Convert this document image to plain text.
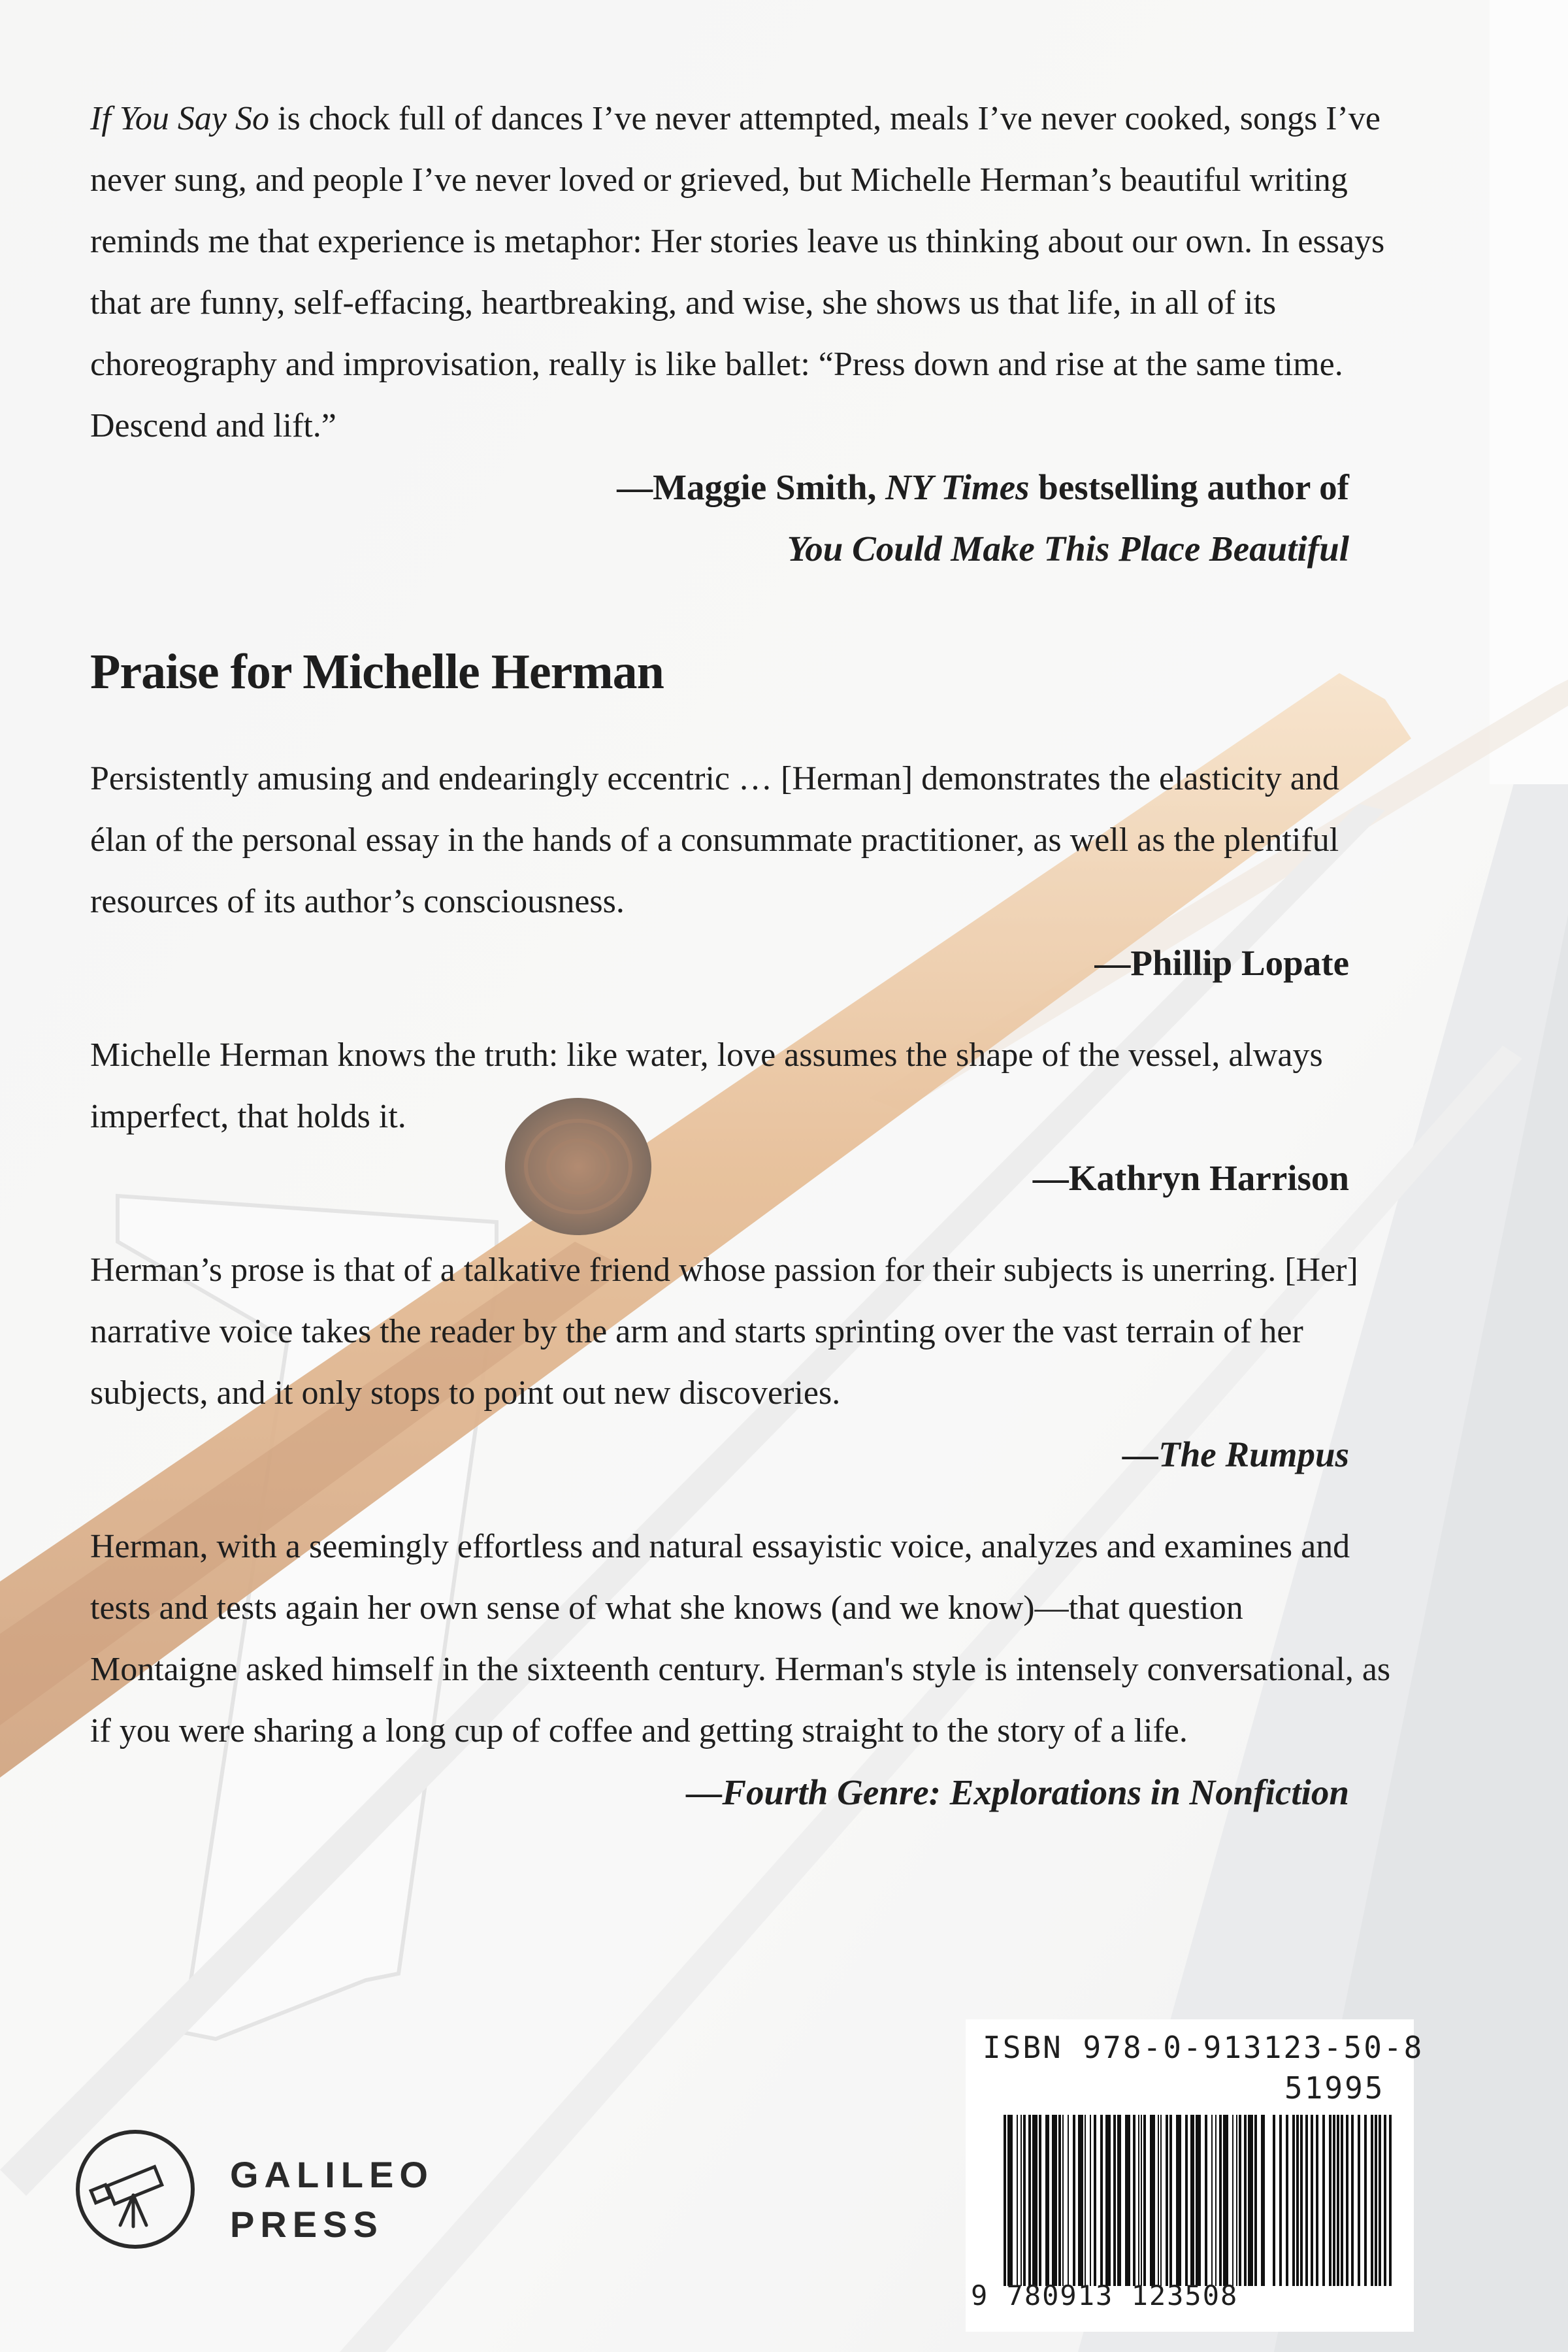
If You Say So is chock full of dances I’ve never attempted, meals I’ve never cooked, songs I’ve never sung, and people I’ve never loved or grieved, but Michelle Herman’s beautiful writing reminds me that experience is metaphor: Her stories leave us thinking about our own. In essays that are funny, self-effacing, heartbreaking, and wise, she shows us that life, in all of its choreography and improvisation, really is like ballet: “Press down and rise at the same time. Descend and lift.”

—Maggie Smith, NY Times bestselling author of

You Could Make This Place Beautiful

Praise for Michelle Herman

Persistently amusing and endearingly eccentric … [Herman] demonstrates the elasticity and élan of the personal essay in the hands of a consummate practitioner, as well as the plentiful resources of its author’s consciousness.

—Phillip Lopate

Michelle Herman knows the truth: like water, love assumes the shape of the vessel, always imperfect, that holds it.

—Kathryn Harrison

Herman’s prose is that of a talkative friend whose passion for their subjects is unerring. [Her] narrative voice takes the reader by the arm and starts sprinting over the vast terrain of her subjects, and it only stops to point out new discoveries.

—The Rumpus

Herman, with a seemingly effortless and natural essayistic voice, analyzes and examines and tests and tests again her own sense of what she knows (and we know)—that question Montaigne asked himself in the sixteenth century. Herman's style is intensely conversational, as if you were sharing a long cup of coffee and getting straight to the story of a life.

—Fourth Genre: Explorations in Nonfiction

GALILEO
PRESS
ISBN 978-0-913123-50-8
51995
9 780913 123508
